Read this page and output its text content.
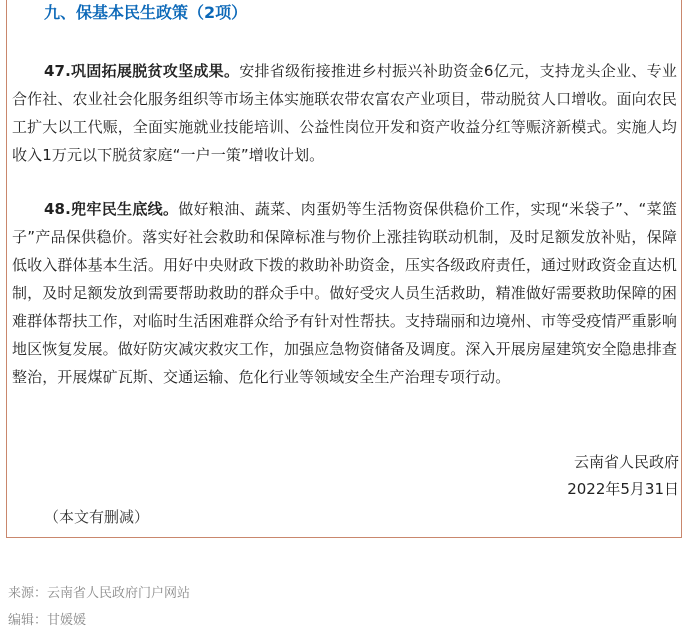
九、保基本民生政策（2项）
47.巩固拓展脱贫攻坚成果。安排省级衔接推进乡村振兴补助资金6亿元，支持龙头企业、专业合作社、农业社会化服务组织等市场主体实施联农带农富农产业项目，带动脱贫人口增收。面向农民工扩大以工代赈，全面实施就业技能培训、公益性岗位开发和资产收益分红等赈济新模式。实施人均收入1万元以下脱贫家庭“一户一策”增收计划。
48.兜牢民生底线。做好粮油、蔬菜、肉蛋奶等生活物资保供稳价工作，实现“米袋子”、“菜篮子”产品保供稳价。落实好社会救助和保障标准与物价上涨挂钩联动机制，及时足额发放补贴，保障低收入群体基本生活。用好中央财政下拨的救助补助资金，压实各级政府责任，通过财政资金直达机制，及时足额发放到需要帮助救助的群众手中。做好受灾人员生活救助，精准做好需要救助保障的困难群体帮扶工作，对临时生活困难群众给予有针对性帮扶。支持瑞丽和边境州、市等受疫情严重影响地区恢复发展。做好防灾减灾救灾工作，加强应急物资储备及调度。深入开展房屋建筑安全隐患排查整治，开展煤矿瓦斯、交通运输、危化行业等领域安全生产治理专项行动。
云南省人民政府
2022年5月31日
（本文有删减）
来源：云南省人民政府门户网站
编辑：甘媛媛
